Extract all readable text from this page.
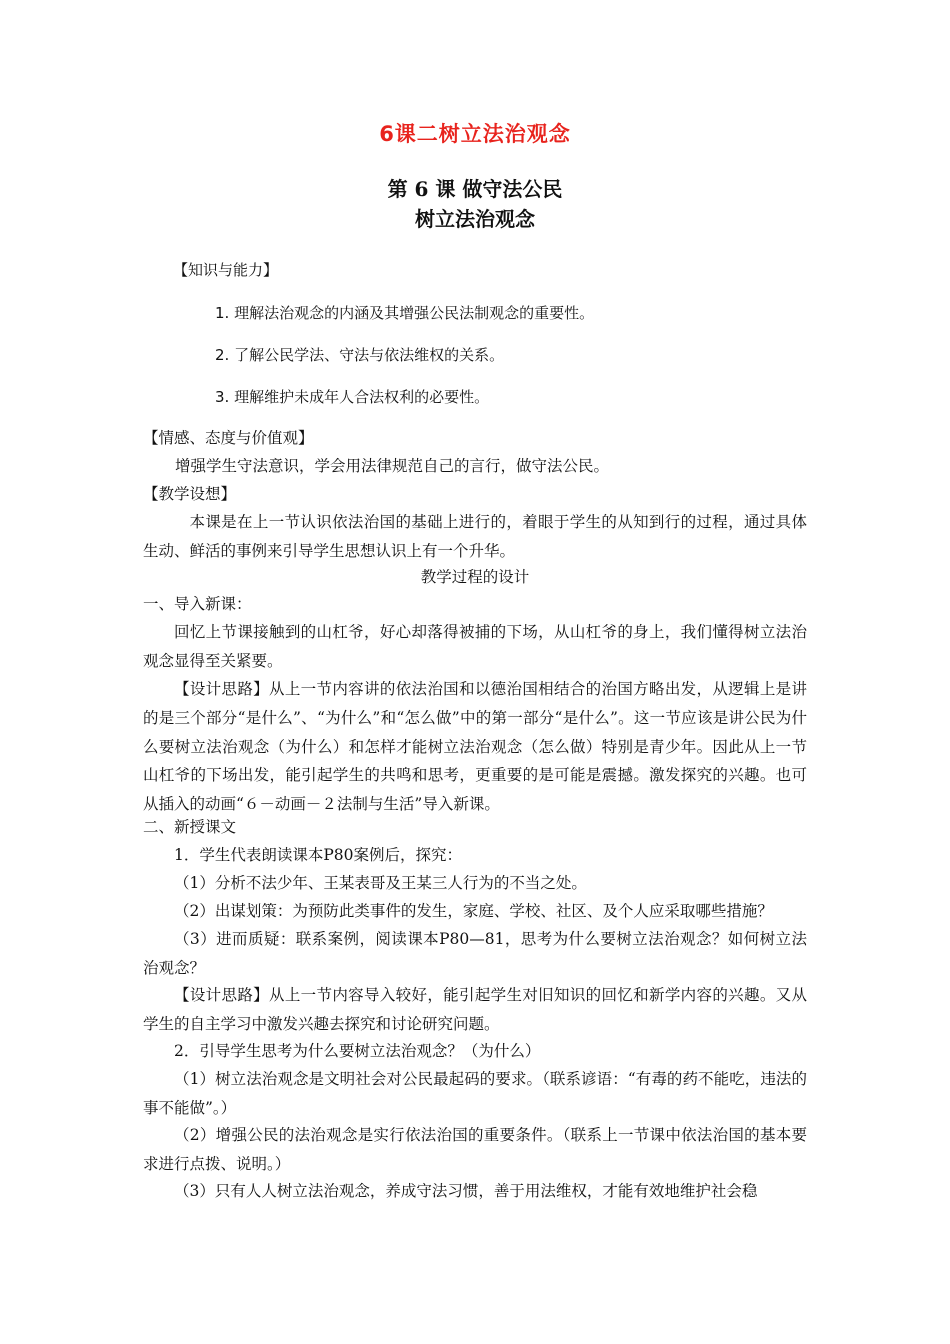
6课二树立法治观念
第 6 课 做守法公民
树立法治观念
【知识与能力】
1. 理解法治观念的内涵及其增强公民法制观念的重要性。
2. 了解公民学法、守法与依法维权的关系。
3. 理解维护未成年人合法权利的必要性。
【情感、态度与价值观】
增强学生守法意识，学会用法律规范自己的言行，做守法公民。
【教学设想】
本课是在上一节认识依法治国的基础上进行的，着眼于学生的从知到行的过程，通过具体生动、鲜活的事例来引导学生思想认识上有一个升华。
教学过程的设计
一、导入新课：
回忆上节课接触到的山杠爷，好心却落得被捕的下场，从山杠爷的身上，我们懂得树立法治观念显得至关紧要。
【设计思路】从上一节内容讲的依法治国和以德治国相结合的治国方略出发，从逻辑上是讲的是三个部分“是什么”、“为什么”和“怎么做”中的第一部分“是什么”。这一节应该是讲公民为什么要树立法治观念（为什么）和怎样才能树立法治观念（怎么做）特别是青少年。因此从上一节山杠爷的下场出发，能引起学生的共鸣和思考，更重要的是可能是震撼。激发探究的兴趣。也可从插入的动画“６－动画－２法制与生活”导入新课。
二、新授课文
1．学生代表朗读课本P80案例后，探究：
（1）分析不法少年、王某表哥及王某三人行为的不当之处。
（2）出谋划策：为预防此类事件的发生，家庭、学校、社区、及个人应采取哪些措施？
（3）进而质疑：联系案例，阅读课本P80—81，思考为什么要树立法治观念？如何树立法治观念？
【设计思路】从上一节内容导入较好，能引起学生对旧知识的回忆和新学内容的兴趣。又从学生的自主学习中激发兴趣去探究和讨论研究问题。
2．引导学生思考为什么要树立法治观念？（为什么）
（1）树立法治观念是文明社会对公民最起码的要求。（联系谚语：“有毒的药不能吃，违法的事不能做”。）
（2）增强公民的法治观念是实行依法治国的重要条件。（联系上一节课中依法治国的基本要求进行点拨、说明。）
（3）只有人人树立法治观念，养成守法习惯，善于用法维权，才能有效地维护社会稳
